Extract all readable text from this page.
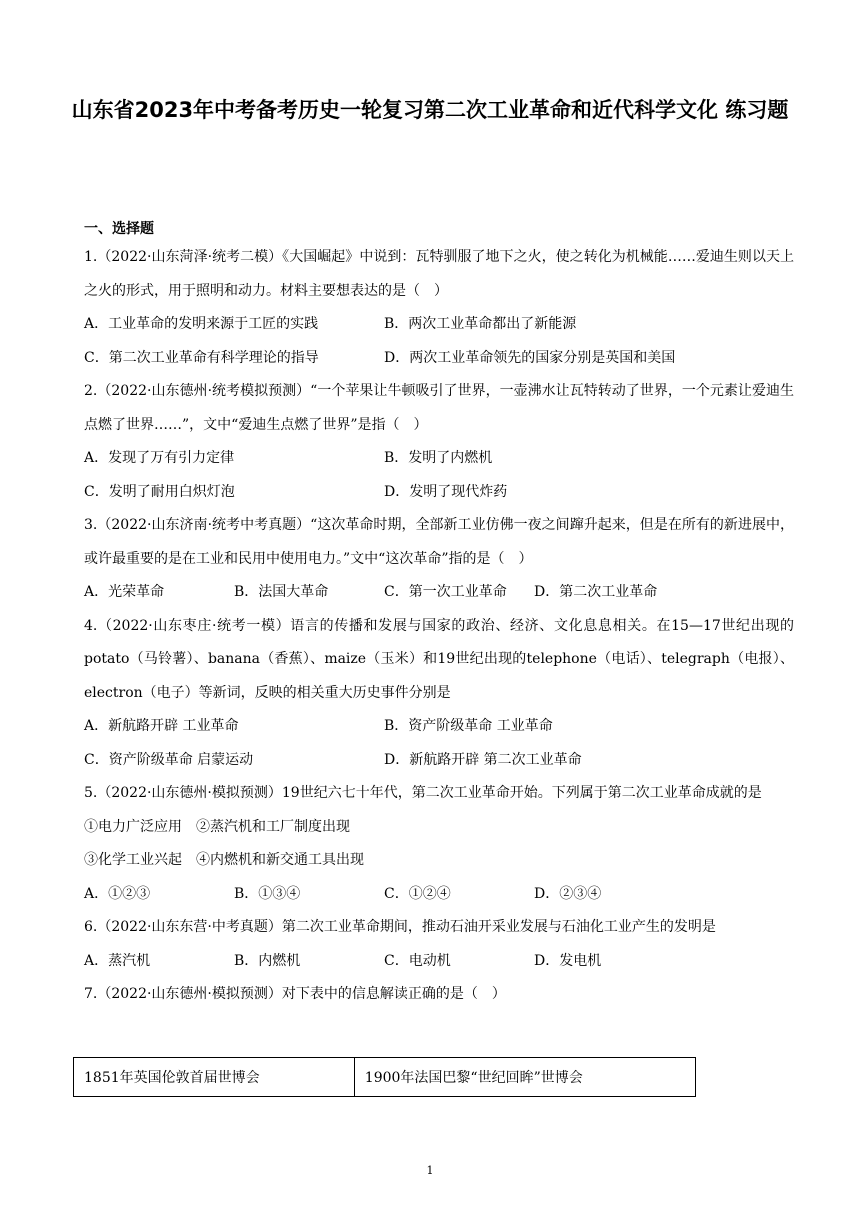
山东省2023年中考备考历史一轮复习第二次工业革命和近代科学文化 练习题
一、选择题

1.（2022·山东菏泽·统考二模）《大国崛起》中说到：瓦特驯服了地下之火，使之转化为机械能……爱迪生则以天上之火的形式，用于照明和动力。材料主要想表达的是（　）

A．工业革命的发明来源于工匠的实践	B．两次工业革命都出了新能源
C．第二次工业革命有科学理论的指导	D．两次工业革命领先的国家分别是英国和美国

2.（2022·山东德州·统考模拟预测）“一个苹果让牛顿吸引了世界，一壶沸水让瓦特转动了世界，一个元素让爱迪生点燃了世界……”，文中“爱迪生点燃了世界”是指（　）

A．发现了万有引力定律	B．发明了内燃机
C．发明了耐用白炽灯泡	D．发明了现代炸药

3.（2022·山东济南·统考中考真题）“这次革命时期，全部新工业仿佛一夜之间蹿升起来，但是在所有的新进展中，或许最重要的是在工业和民用中使用电力。”文中“这次革命”指的是（　）

A．光荣革命	B．法国大革命	C．第一次工业革命	D．第二次工业革命

4.（2022·山东枣庄·统考一模）语言的传播和发展与国家的政治、经济、文化息息相关。在15—17世纪出现的potato（马铃薯）、banana（香蕉）、maize（玉米）和19世纪出现的telephone（电话）、telegraph（电报）、electron（电子）等新词，反映的相关重大历史事件分别是

A．新航路开辟 工业革命	B．资产阶级革命 工业革命
C．资产阶级革命 启蒙运动	D．新航路开辟 第二次工业革命

5.（2022·山东德州·模拟预测）19世纪六七十年代，第二次工业革命开始。下列属于第二次工业革命成就的是

①电力广泛应用　②蒸汽机和工厂制度出现

③化学工业兴起　④内燃机和新交通工具出现

A．①②③	B．①③④	C．①②④	D．②③④

6.（2022·山东东营·中考真题）第二次工业革命期间，推动石油开采业发展与石油化工业产生的发明是

A．蒸汽机	B．内燃机	C．电动机	D．发电机

7.（2022·山东德州·模拟预测）对下表中的信息解读正确的是（　）

1851年英国伦敦首届世博会	1900年法国巴黎“世纪回眸”世博会
1
